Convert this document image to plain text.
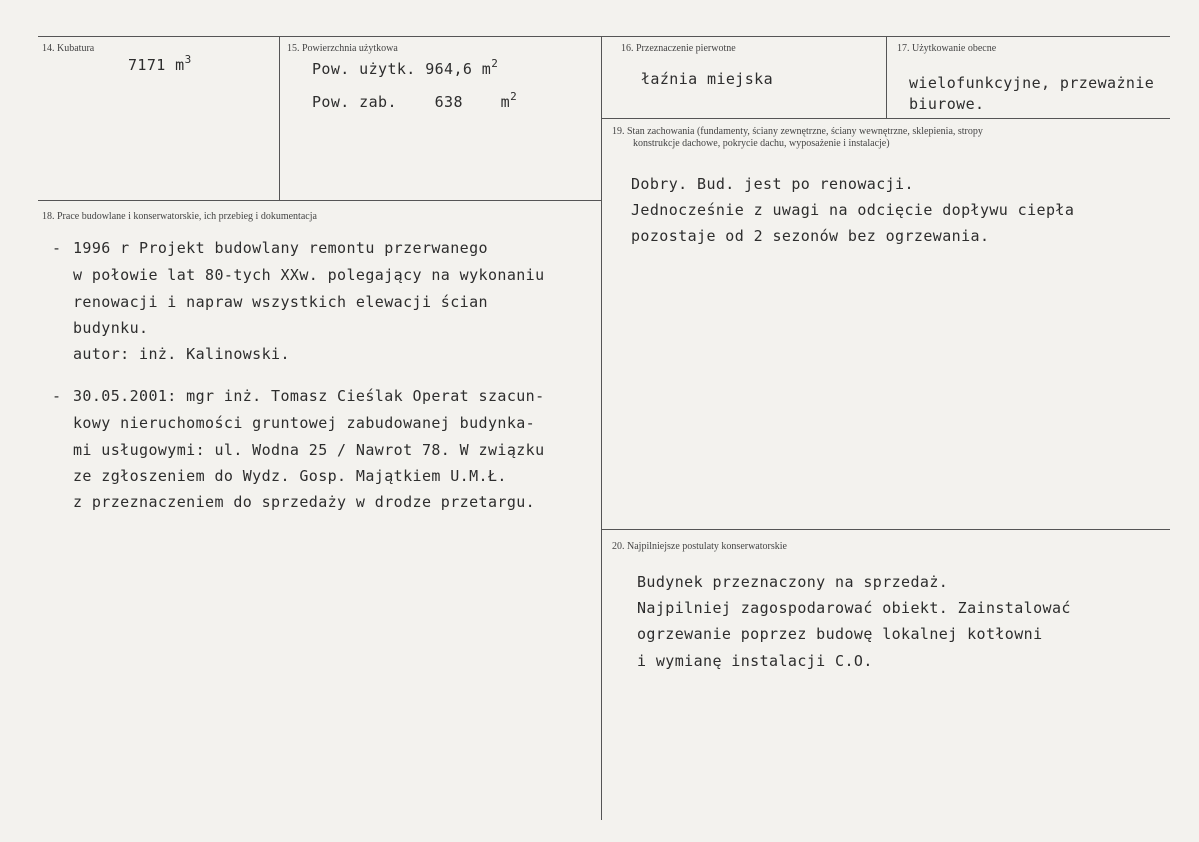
14. Kubatura
7171 $m^3$
15. Powierzchnia użytkowa
Pow. użytk. 964,6 $m^2$
Pow. zab.	638	$m^2$
16. Przeznaczenie pierwotne
łaźnia miejska
17. Użytkowanie obecne
wielofunkcyjne, przeważnie
biurowe.
19. Stan zachowania (fundamenty, ściany zewnętrzne, ściany wewnętrzne, sklepienia, stropy
konstrukcje dachowe, pokrycie dachu, wyposażenie i instalacje)
Dobry. Bud. jest po renowacji.
Jednocześnie z uwagi na odcięcie dopływu ciepła
pozostaje od 2 sezonów bez ogrzewania.
18. Prace budowlane i konserwatorskie, ich przebieg i dokumentacja
- 1996 r Projekt budowlany remontu przerwanego
w połowie lat 80-tych XXw. polegający na wykonaniu
renowacji i napraw wszystkich elewacji ścian
budynku.
autor: inż. Kalinowski.
- 30.05.2001: mgr inż. Tomasz Cieślak Operat szacun-
kowy nieruchomości gruntowej zabudowanej budynka-
mi usługowymi: ul. Wodna 25 / Nawrot 78. W związku
ze zgłoszeniem do Wydz. Gosp. Majątkiem U.M.Ł.
z przeznaczeniem do sprzedaży w drodze przetargu.
20. Najpilniejsze postulaty konserwatorskie
Budynek przeznaczony na sprzedaż.
Najpilniej zagospodarować obiekt. Zainstalować
ogrzewanie poprzez budowę lokalnej kotłowni
i wymianę instalacji C.O.
